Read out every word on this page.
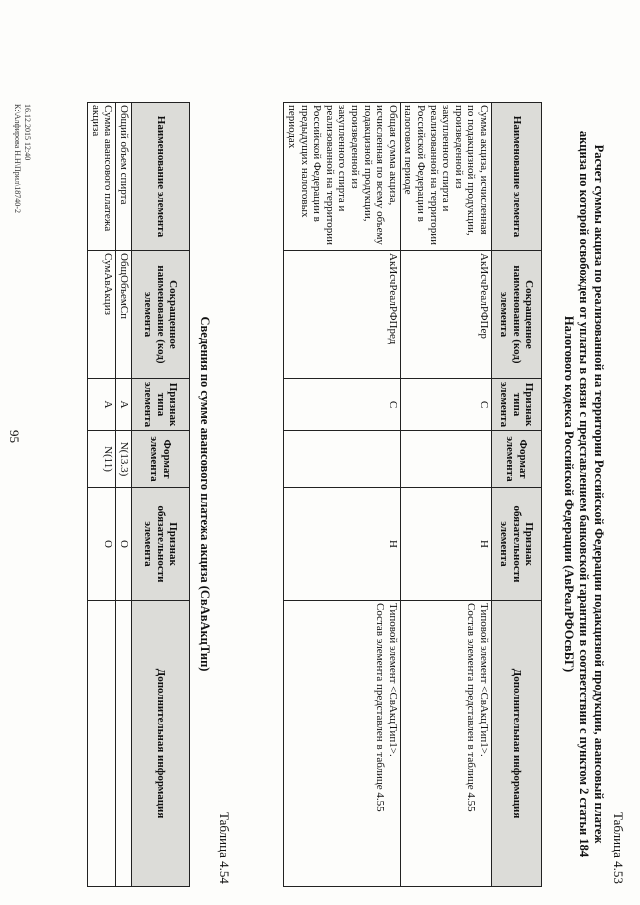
95
Таблица 4.53
Расчет суммы акциза по реализованной на территории Российской Федерации подакцизной продукции, авансовый платеж
акциза по которой освобожден от уплаты в связи с представлением банковской гарантии в соответствии с пунктом 2 статьи 184
Налогового кодекса Российской Федерации (АвРеалРФОсвБГ)
Наименование элемента	Сокращенное наименование (код) элемента	Признак типа элемента	Формат элемента	Признак обязательности элемента	Дополнительная информация
Сумма акциза, исчисленная по подакцизной продукции, произведенной из закупленного спирта и реализованной на территории Российской Федерации в налоговом периоде	АкИсчРеалРФПер	С		Н	Типовой элемент <СвАкцТип1>.
Состав элемента представлен в таблице 4.55

Общая сумма акциза, исчисленная по всему объему подакцизной продукции, произведенной из закупленного спирта и реализованной на территории Российской Федерации в предыдущих налоговых периодах	АкИсчРеалРФПред	С		Н	Типовой элемент <СвАкцТип1>.
Состав элемента представлен в таблице 4.55
Таблица 4.54
Сведения по сумме авансового платежа акциза (СвАвАкцТип)
Наименование элемента	Сокращенное наименование (код) элемента	Признак типа элемента	Формат элемента	Признак обязательности элемента	Дополнительная информация
Общий объем спирта	ОбщОбъемСп	А	N(13.3)	О	
Сумма авансового платежа акциза	СумАвАкциз	А	N(11)	О	
16.12.2015 12:40
К:\Алфирова Н.Н\Прил\18740-2
